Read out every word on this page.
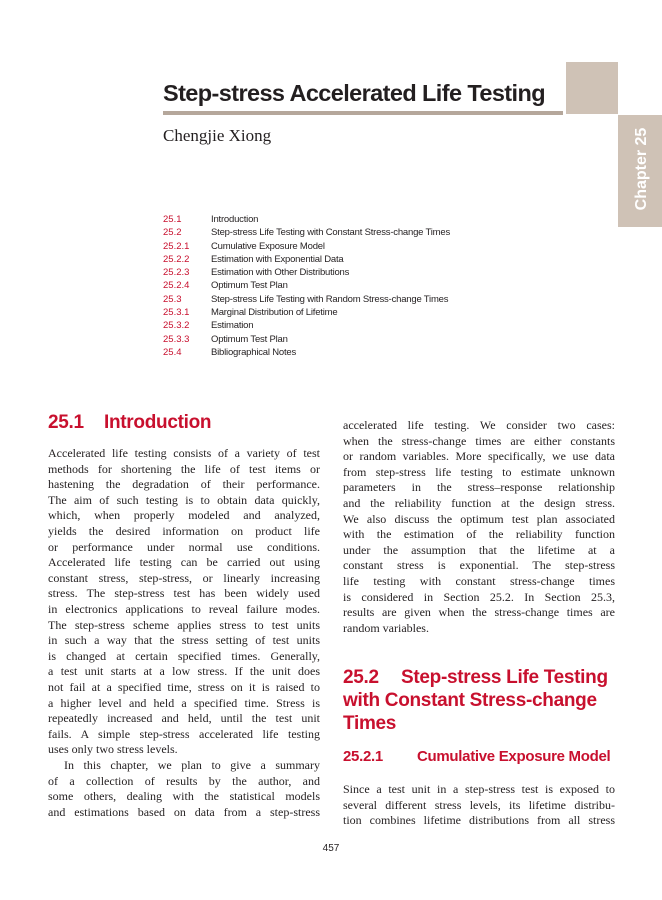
Chapter 25
Step-stress Accelerated Life Testing
Chengjie Xiong
25.1	Introduction
25.2	Step-stress Life Testing with Constant Stress-change Times
25.2.1 Cumulative Exposure Model
25.2.2 Estimation with Exponential Data
25.2.3 Estimation with Other Distributions
25.2.4 Optimum Test Plan
25.3	Step-stress Life Testing with Random Stress-change Times
25.3.1 Marginal Distribution of Lifetime
25.3.2 Estimation
25.3.3 Optimum Test Plan
25.4	Bibliographical Notes
25.1 Introduction
Accelerated life testing consists of a variety of test
methods for shortening the life of test items or
hastening the degradation of their performance.
The aim of such testing is to obtain data quickly,
which, when properly modeled and analyzed,
yields the desired information on product life
or performance under normal use conditions.
Accelerated life testing can be carried out using
constant stress, step-stress, or linearly increasing
stress. The step-stress test has been widely used
in electronics applications to reveal failure modes.
The step-stress scheme applies stress to test units
in such a way that the stress setting of test units
is changed at certain specified times. Generally,
a test unit starts at a low stress. If the unit does
not fail at a specified time, stress on it is raised to
a higher level and held a specified time. Stress is
repeatedly increased and held, until the test unit
fails. A simple step-stress accelerated life testing
uses only two stress levels.
In this chapter, we plan to give a summary
of a collection of results by the author, and
some others, dealing with the statistical models
and estimations based on data from a step-stress
accelerated life testing. We consider two cases:
when the stress-change times are either constants
or random variables. More specifically, we use data
from step-stress life testing to estimate unknown
parameters in the stress–response relationship
and the reliability function at the design stress.
We also discuss the optimum test plan associated
with the estimation of the reliability function
under the assumption that the lifetime at a
constant stress is exponential. The step-stress
life testing with constant stress-change times
is considered in Section 25.2. In Section 25.3,
results are given when the stress-change times are
random variables.
25.2 Step-stress Life Testing
with Constant Stress-change
Times
25.2.1 Cumulative Exposure Model
Since a test unit in a step-stress test is exposed to
several different stress levels, its lifetime distribu-
tion combines lifetime distributions from all stress
457
